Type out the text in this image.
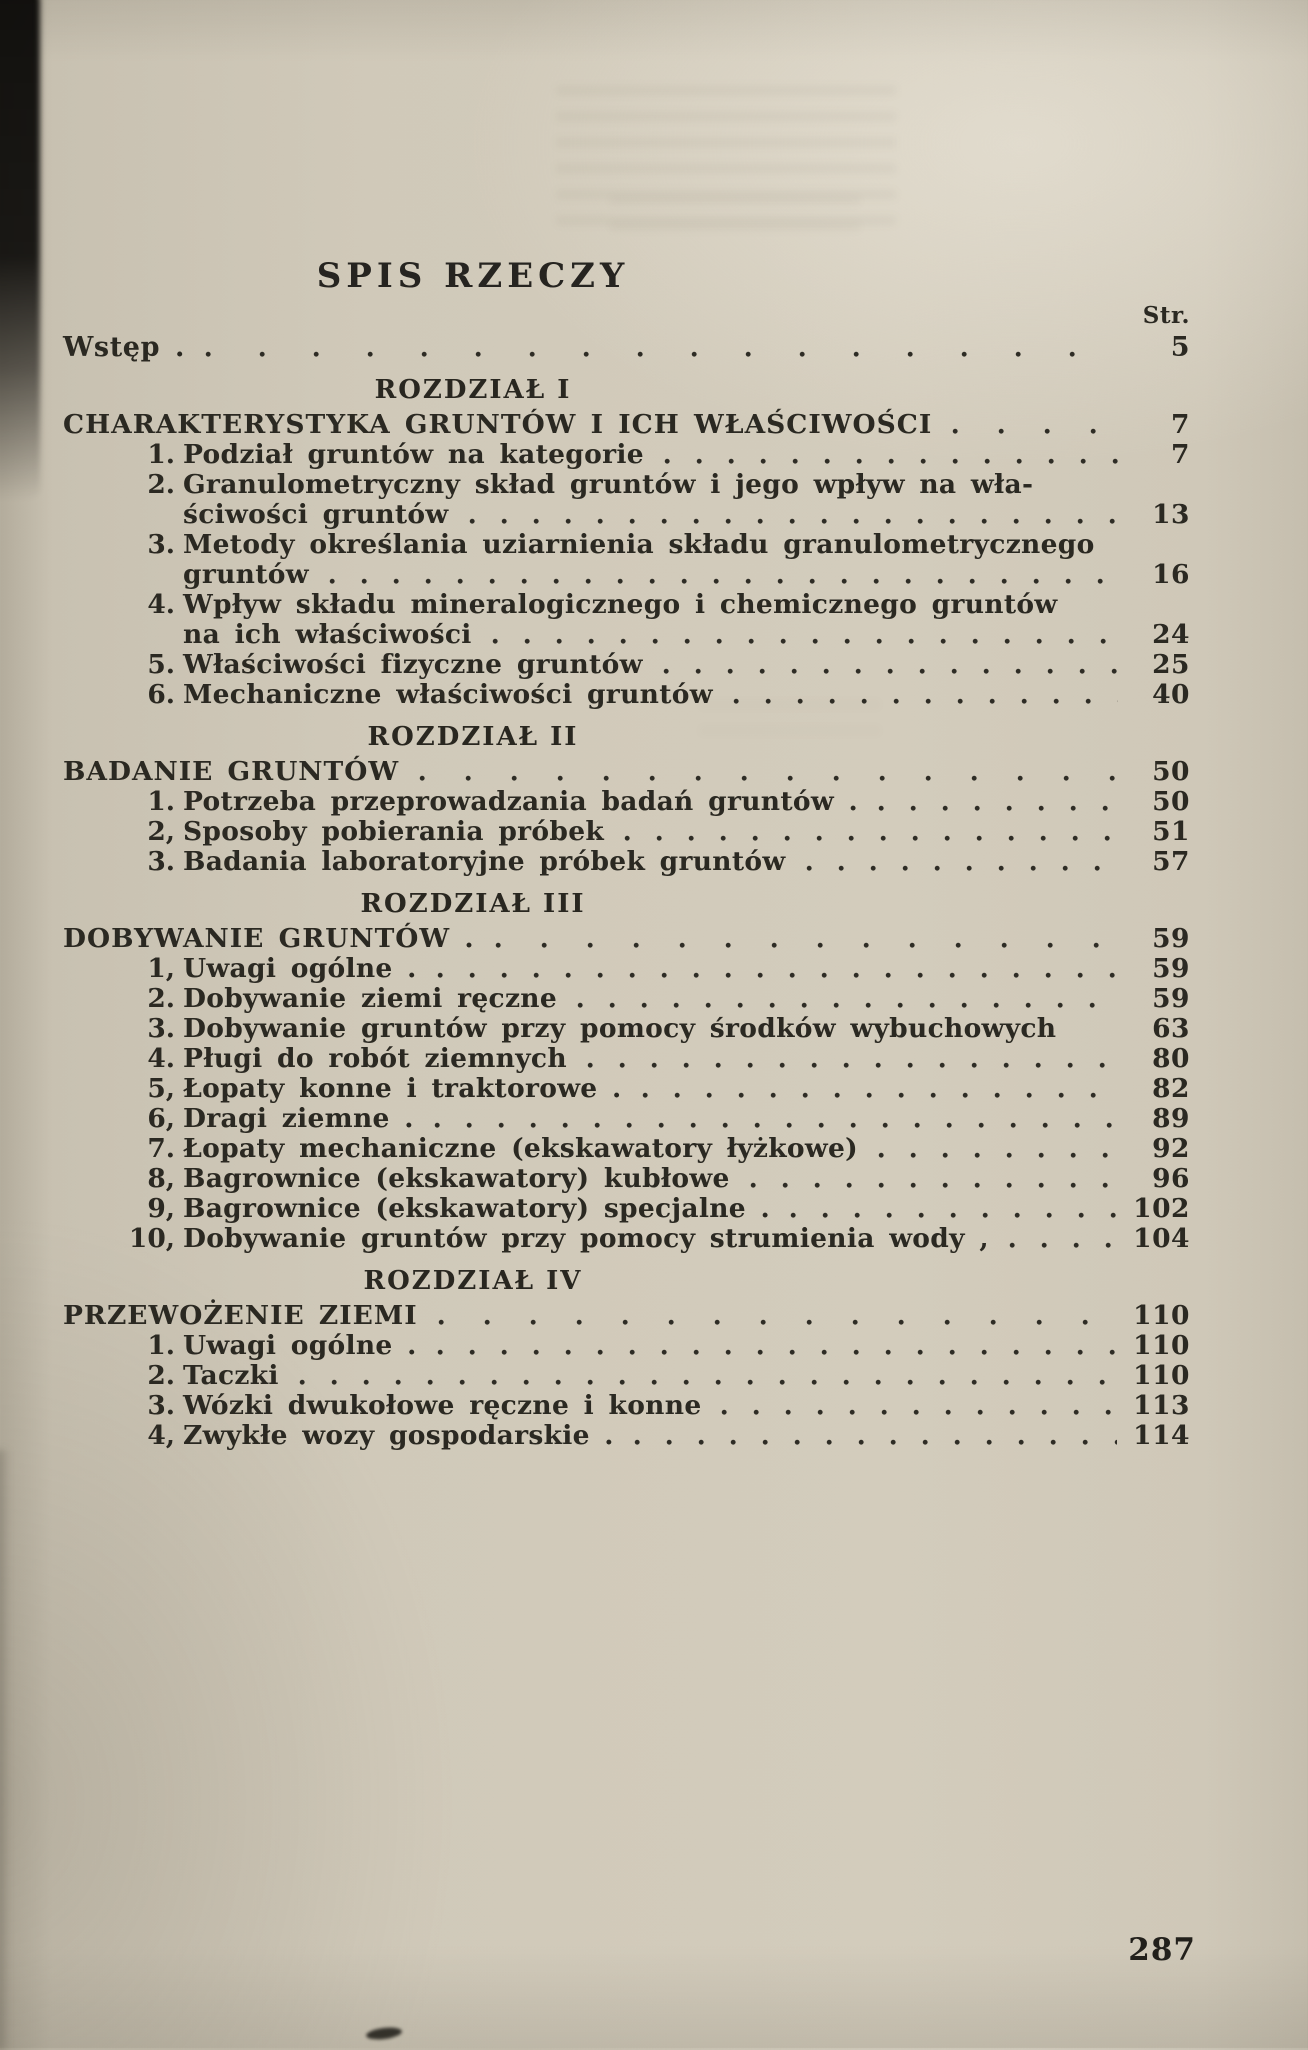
SPIS RZECZY
Str.
Wstęp .	5
ROZDZIAŁ I
CHARAKTERYSTYKA GRUNTÓW I ICH WŁAŚCIWOŚCI	7
1. Podział gruntów na kategorie	7
2. Granulometryczny skład gruntów i jego wpływ na wła-
ściwości gruntów	13
3. Metody określania uziarnienia składu granulometrycznego
gruntów	16
4. Wpływ składu mineralogicznego i chemicznego gruntów
na ich właściwości	24
5. Właściwości fizyczne gruntów	25
6. Mechaniczne właściwości gruntów	40
ROZDZIAŁ II
BADANIE GRUNTÓW	50
1. Potrzeba przeprowadzania badań gruntów .	50
2, Sposoby pobierania próbek	51
3. Badania laboratoryjne próbek gruntów	57
ROZDZIAŁ III
DOBYWANIE GRUNTÓW .	59
1, Uwagi ogólne .	59
2. Dobywanie ziemi ręczne	59
3. Dobywanie gruntów przy pomocy środków wybuchowych	63
4. Pługi do robót ziemnych	80
5, Łopaty konne i traktorowe .	82
6, Dragi ziemne .	89
7. Łopaty mechaniczne (ekskawatory łyżkowe)	92
8, Bagrownice (ekskawatory) kubłowe	96
9, Bagrownice (ekskawatory) specjalne .	102
10, Dobywanie gruntów przy pomocy strumienia wody ,	104
ROZDZIAŁ IV
PRZEWOŻENIE ZIEMI	110
1. Uwagi ogólne .	110
2. Taczki	110
3. Wózki dwukołowe ręczne i konne	113
4, Zwykłe wozy gospodarskie .	114
287
